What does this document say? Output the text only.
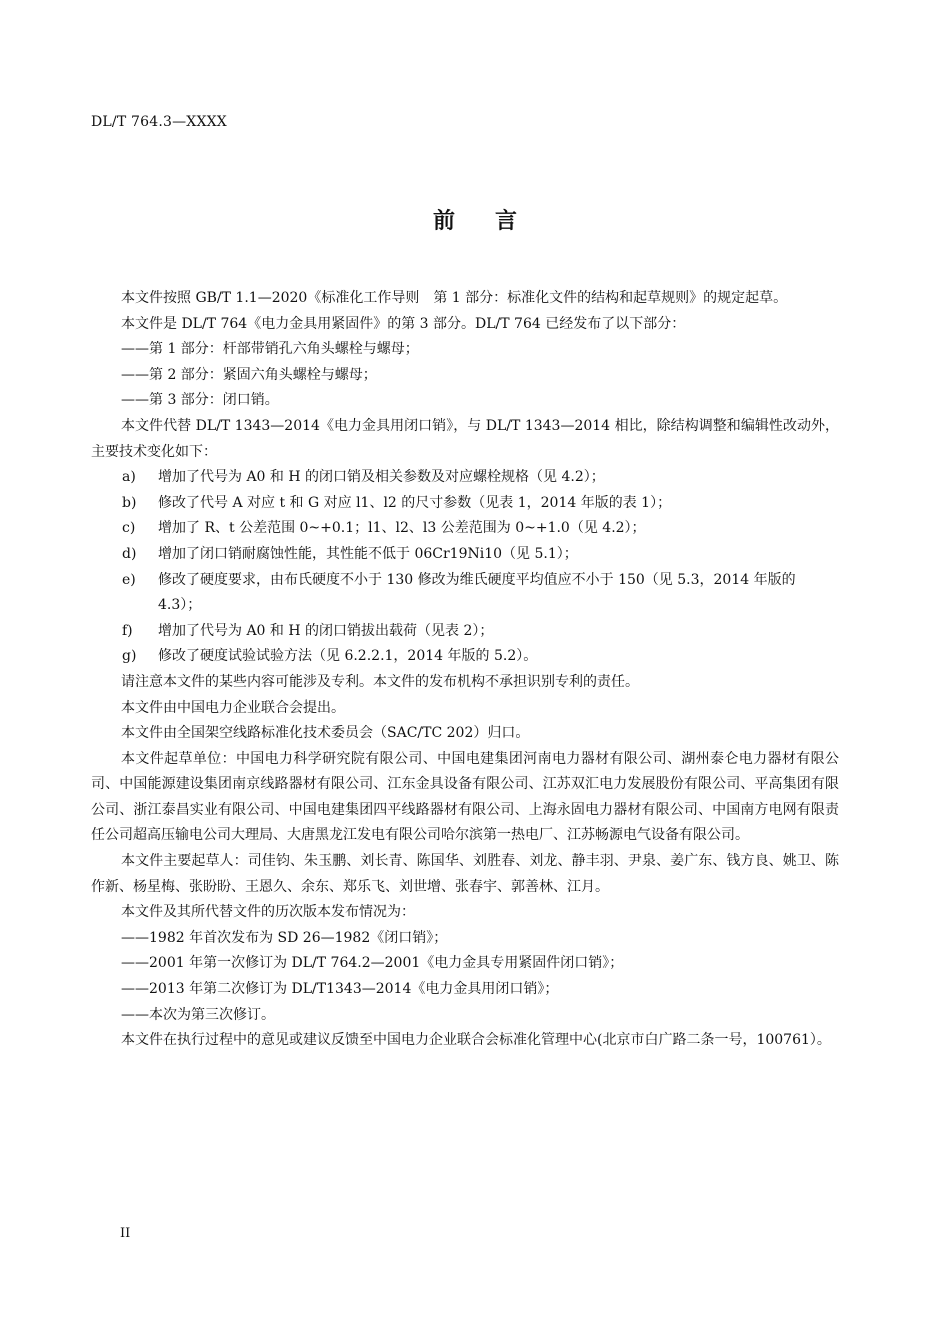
DL/T 764.3—XXXX
前言

本文件按照 GB/T 1.1—2020《标准化工作导则　第 1 部分：标准化文件的结构和起草规则》的规定起草。

本文件是 DL/T 764《电力金具用紧固件》的第 3 部分。DL/T 764 已经发布了以下部分：

——第 1 部分：杆部带销孔六角头螺栓与螺母；

——第 2 部分：紧固六角头螺栓与螺母；

——第 3 部分：闭口销。

本文件代替 DL/T 1343—2014《电力金具用闭口销》，与 DL/T 1343—2014 相比，除结构调整和编辑性改动外，主要技术变化如下：

a) 增加了代号为 A0 和 H 的闭口销及相关参数及对应螺栓规格（见 4.2）；

b) 修改了代号 A 对应 t 和 G 对应 l1、l2 的尺寸参数（见表 1，2014 年版的表 1）；

c) 增加了 R、t 公差范围 0~+0.1；l1、l2、l3 公差范围为 0~+1.0（见 4.2）；

d) 增加了闭口销耐腐蚀性能，其性能不低于 06Cr19Ni10（见 5.1）；

e) 修改了硬度要求，由布氏硬度不小于 130 修改为维氏硬度平均值应不小于 150（见 5.3，2014 年版的 4.3）；

f) 增加了代号为 A0 和 H 的闭口销拔出载荷（见表 2）；

g) 修改了硬度试验试验方法（见 6.2.2.1，2014 年版的 5.2）。

请注意本文件的某些内容可能涉及专利。本文件的发布机构不承担识别专利的责任。

本文件由中国电力企业联合会提出。

本文件由全国架空线路标准化技术委员会（SAC/TC 202）归口。

本文件起草单位：中国电力科学研究院有限公司、中国电建集团河南电力器材有限公司、湖州泰仑电力器材有限公司、中国能源建设集团南京线路器材有限公司、江东金具设备有限公司、江苏双汇电力发展股份有限公司、平高集团有限公司、浙江泰昌实业有限公司、中国电建集团四平线路器材有限公司、上海永固电力器材有限公司、中国南方电网有限责任公司超高压输电公司大理局、大唐黑龙江发电有限公司哈尔滨第一热电厂、江苏畅源电气设备有限公司。

本文件主要起草人：司佳钧、朱玉鹏、刘长青、陈国华、刘胜春、刘龙、静丰羽、尹泉、姜广东、钱方良、姚卫、陈作新、杨星梅、张盼盼、王恩久、余东、郑乐飞、刘世增、张春宇、郭善林、江月。

本文件及其所代替文件的历次版本发布情况为：

——1982 年首次发布为 SD 26—1982《闭口销》；

——2001 年第一次修订为 DL/T 764.2—2001《电力金具专用紧固件闭口销》；

——2013 年第二次修订为 DL/T1343—2014《电力金具用闭口销》；

——本次为第三次修订。

本文件在执行过程中的意见或建议反馈至中国电力企业联合会标准化管理中心(北京市白广路二条一号，100761）。

II
